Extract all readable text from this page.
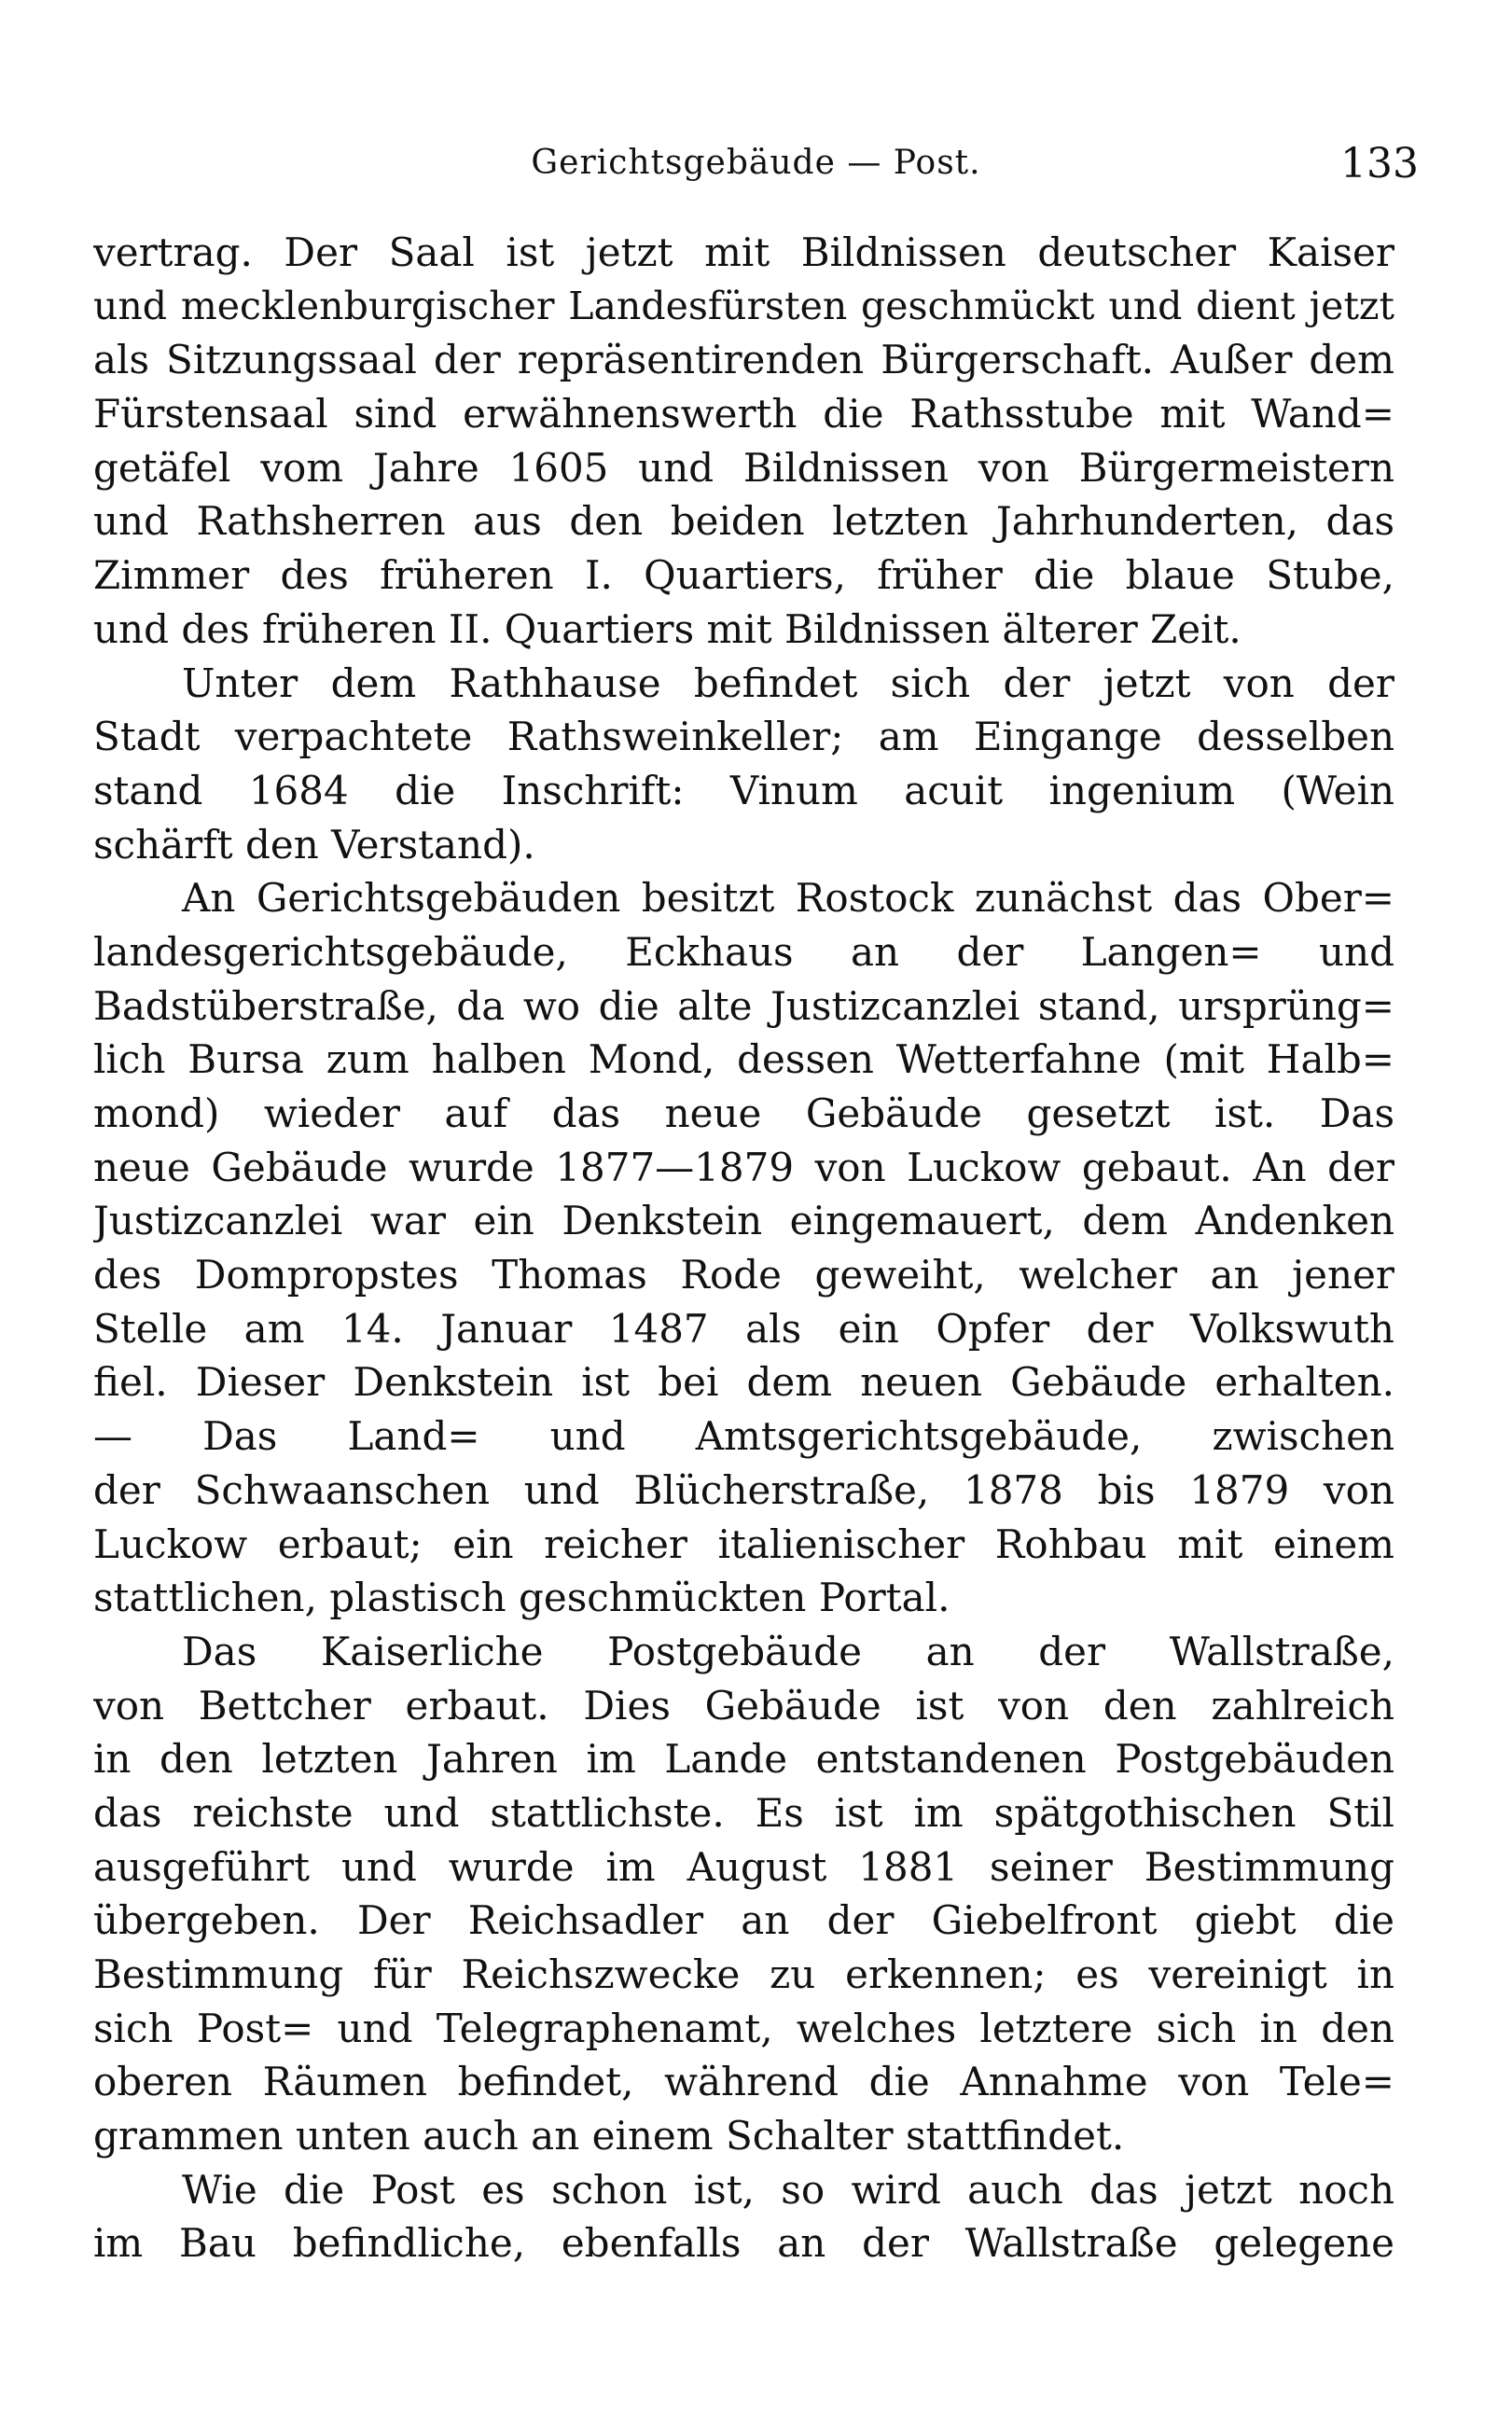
Gerichtsgebäude — Post.	133
vertrag. Der Saal ist jetzt mit Bildnissen deutscher Kaiser
und mecklenburgischer Landesfürsten geschmückt und dient jetzt
als Sitzungssaal der repräsentirenden Bürgerschaft. Außer dem
Fürstensaal sind erwähnenswerth die Rathsstube mit Wand=
getäfel vom Jahre 1605 und Bildnissen von Bürgermeistern
und Rathsherren aus den beiden letzten Jahrhunderten, das
Zimmer des früheren I. Quartiers, früher die blaue Stube,
und des früheren II. Quartiers mit Bildnissen älterer Zeit.
Unter dem Rathhause befindet sich der jetzt von der
Stadt verpachtete Rathsweinkeller; am Eingange desselben
stand 1684 die Inschrift: Vinum acuit ingenium (Wein
schärft den Verstand).
An Gerichtsgebäuden besitzt Rostock zunächst das Ober=
landesgerichtsgebäude, Eckhaus an der Langen= und
Badstüberstraße, da wo die alte Justizcanzlei stand, ursprüng=
lich Bursa zum halben Mond, dessen Wetterfahne (mit Halb=
mond) wieder auf das neue Gebäude gesetzt ist. Das
neue Gebäude wurde 1877—1879 von Luckow gebaut. An der
Justizcanzlei war ein Denkstein eingemauert, dem Andenken
des Dompropstes Thomas Rode geweiht, welcher an jener
Stelle am 14. Januar 1487 als ein Opfer der Volkswuth
fiel. Dieser Denkstein ist bei dem neuen Gebäude erhalten.
— Das Land= und Amtsgerichtsgebäude, zwischen
der Schwaanschen und Blücherstraße, 1878 bis 1879 von
Luckow erbaut; ein reicher italienischer Rohbau mit einem
stattlichen, plastisch geschmückten Portal.
Das Kaiserliche Postgebäude an der Wallstraße,
von Bettcher erbaut. Dies Gebäude ist von den zahlreich
in den letzten Jahren im Lande entstandenen Postgebäuden
das reichste und stattlichste. Es ist im spätgothischen Stil
ausgeführt und wurde im August 1881 seiner Bestimmung
übergeben. Der Reichsadler an der Giebelfront giebt die
Bestimmung für Reichszwecke zu erkennen; es vereinigt in
sich Post= und Telegraphenamt, welches letztere sich in den
oberen Räumen befindet, während die Annahme von Tele=
grammen unten auch an einem Schalter stattfindet.
Wie die Post es schon ist, so wird auch das jetzt noch
im Bau befindliche, ebenfalls an der Wallstraße gelegene
